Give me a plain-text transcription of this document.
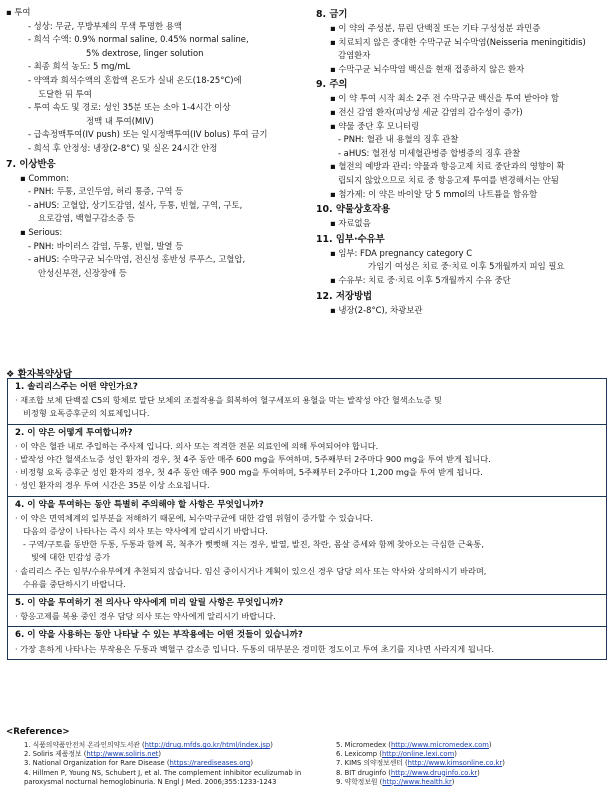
▪ 투여
- 성상: 무균, 무방부제의 무색 투명한 용액
- 희석 수액: 0.9% normal saline, 0.45% normal saline,
5% dextrose, linger solution
- 최종 희석 농도: 5 mg/mL
- 약액과 희석수액의 혼합액 온도가 실내 온도(18-25°C)에
도달한 뒤 투여
- 투여 속도 및 경로: 성인 35분 또는 소아 1-4시간 이상
정맥 내 투여(MIV)
- 급속정맥투여(IV push) 또는 일시정맥투여(IV bolus) 투여 금기
- 희석 후 안정성: 냉장(2-8°C) 및 실온 24시간 안정
7. 이상반응
▪ Common:
- PNH: 두통, 코인두염, 허리 통증, 구역 등
- aHUS: 고혈압, 상기도감염, 설사, 두통, 빈혈, 구역, 구토,
요로감염, 백혈구감소증 등
▪ Serious:
- PNH: 바이러스 감염, 두통, 빈혈, 발열 등
- aHUS: 수막구균 뇌수막염, 전신성 홍반성 루푸스, 고혈압,
안성신부전, 신장장애 등
8. 금기
▪ 이 약의 주성분, 뮤린 단백질 또는 기타 구성성분 과민증
▪ 치료되지 않은 중대한 수막구균 뇌수막염(Neisseria meningitidis)
감염환자
▪ 수막구균 뇌수막염 백신을 현재 접종하지 않은 환자
9. 주의
▪ 이 약 투여 시작 최소 2주 전 수막구균 백신을 투여 받아야 함
▪ 전신 감염 환자(피낭성 세균 감염의 감수성이 증가)
▪ 약물 중단 후 모니터링
- PNH: 혈관 내 용혈의 징후 관찰
- aHUS: 혈전성 미세혈관병증 합병증의 징후 관찰
▪ 혈전의 예방과 관리: 약물과 항응고제 치료 중단과의 영향이 확
립되지 않았으므로 치료 중 항응고제 투여를 변경해서는 안됨
▪ 첨가제: 이 약은 바이알 당 5 mmol의 나트륨을 함유함
10. 약물상호작용
▪ 자료없음
11. 임부·수유부
▪ 임부: FDA pregnancy category C
가임기 여성은 치료 중·치료 이후 5개월까지 피임 필요
▪ 수유부: 치료 중·치료 이후 5개월까지 수유 중단
12. 저장방법
▪ 냉장(2-8°C), 차광보관
❖ 환자복약상담
1. 솔리리스주는 어떤 약인가요?
· 재조합 보체 단백질 C5의 항체로 말단 보체의 조절작용을 회복하여 혈구세포의 용혈을 막는 발작성 야간 혈색소뇨증 및
비정형 요독증후군의 치료제입니다.
2. 이 약은 어떻게 투여합니까?
· 이 약은 혈관 내로 주입하는 주사제 입니다. 의사 또는 적격한 전문 의료인에 의해 투여되어야 합니다.
· 발작성 야간 혈색소뇨증 성인 환자의 경우, 첫 4주 동안 매주 600 mg을 투여하며, 5주째부터 2주마다 900 mg을 투여 받게 됩니다.
· 비정형 요독 증후군 성인 환자의 경우, 첫 4주 동안 매주 900 mg을 투여하며, 5주째부터 2주마다 1,200 mg을 투여 받게 됩니다.
· 성인 환자의 경우 투여 시간은 35분 이상 소요됩니다.
4. 이 약을 투여하는 동안 특별히 주의해야 할 사항은 무엇입니까?
· 이 약은 면역체계의 일부분을 저해하기 때문에, 뇌수막구균에 대한 감염 위험이 증가할 수 있습니다.
다음의 증상이 나타나는 즉시 의사 또는 약사에게 알리시기 바랍니다.
- 구역/구토를 동반한 두통, 두통과 함께 목, 척추가 뻣뻣해 지는 경우, 발열, 발진, 착란, 몸살 증세와 함께 찾아오는 극심한 근육통,
빛에 대한 민감성 증가
· 솔리리스 주는 임부/수유부에게 추천되지 않습니다. 임신 중이시거나 계획이 있으신 경우 담당 의사 또는 약사와 상의하시기 바라며,
수유를 중단하시기 바랍니다.
5. 이 약을 투여하기 전 의사나 약사에게 미리 알릴 사항은 무엇입니까?
· 항응고제를 복용 중인 경우 담당 의사 또는 약사에게 알리시기 바랍니다.
6. 이 약을 사용하는 동안 나타날 수 있는 부작용에는 어떤 것들이 있습니까?
· 가장 흔하게 나타나는 부작용은 두통과 백혈구 감소증 입니다. 두통의 대부분은 경미한 정도이고 투여 초기를 지나면 사라지게 됩니다.
<Reference>
1. 식품의약품안전처 온라인의약도서관 (http://drug.mfds.go.kr/html/index.jsp)
2. Soliris 제품정보 (http://www.soliris.net)
3. National Organization for Rare Disease (https://rarediseases.org)
4. Hillmen P, Young NS, Schubert J, et al. The complement inhibitor eculizumab in
paroxysmal nocturnal hemoglobinuria. N Engl J Med. 2006;355:1233-1243
5. Micromedex (http://www.micromedex.com)
6. Lexicomp (http://online.lexi.com)
7. KIMS 의약정보센터 (http://www.kimsonline.co.kr)
8. BIT druginfo (http://www.druginfo.co.kr)
9. 약학정보원 (http://www.health.kr)
